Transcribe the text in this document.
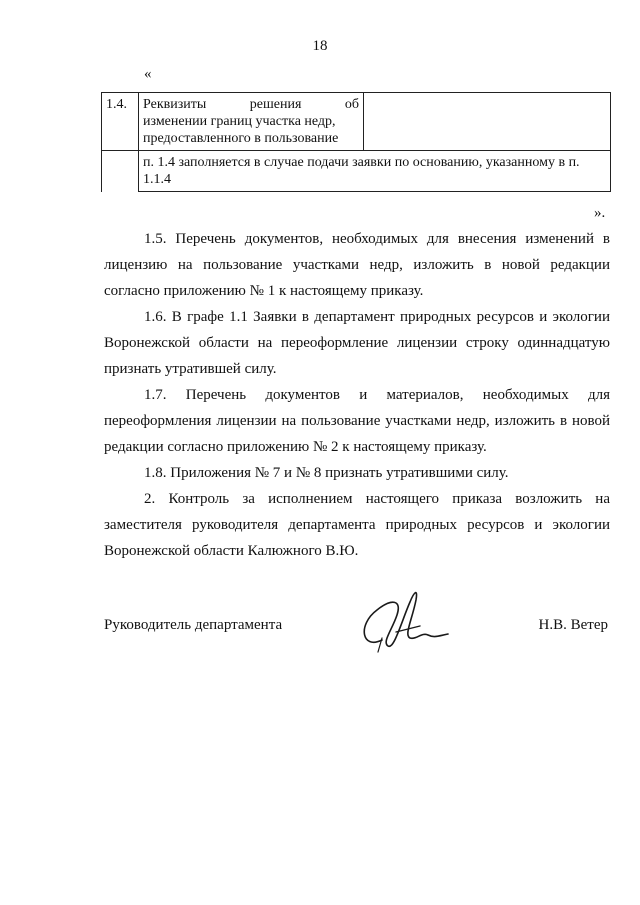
18
«
1.4.	Реквизиты решения об
изменении границ участка недр,
предоставленного в пользование	

	п. 1.4 заполняется в случае подачи заявки по основанию, указанному в п. 1.1.4	
».

1.5. Перечень документов, необходимых для внесения изменений в лицензию на пользование участками недр, изложить в новой редакции согласно приложению № 1 к настоящему приказу.

1.6. В графе 1.1 Заявки в департамент природных ресурсов и экологии Воронежской области на переоформление лицензии строку одиннадцатую признать утратившей силу.

1.7. Перечень документов и материалов, необходимых для переоформления лицензии на пользование участками недр, изложить в новой редакции согласно приложению № 2 к настоящему приказу.

1.8. Приложения № 7 и № 8 признать утратившими силу.

2. Контроль за исполнением настоящего приказа возложить на заместителя руководителя департамента природных ресурсов и экологии Воронежской области Калюжного В.Ю.

Руководитель департамента	Н.В. Ветер
